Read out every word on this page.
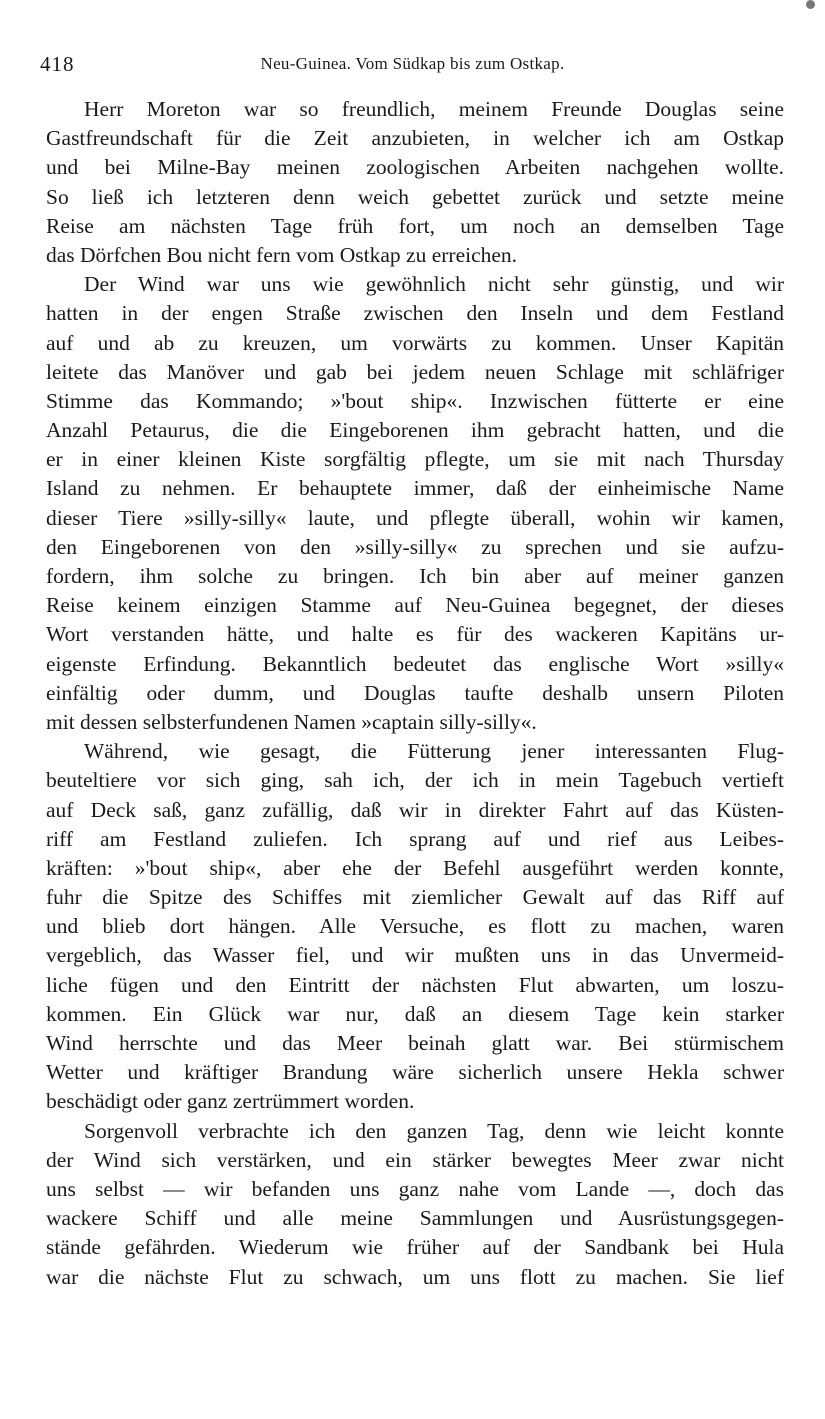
418	Neu-Guinea. Vom Südkap bis zum Ostkap.
Herr Moreton war so freundlich, meinem Freunde Douglas seine
Gastfreundschaft für die Zeit anzubieten, in welcher ich am Ostkap
und bei Milne-Bay meinen zoologischen Arbeiten nachgehen wollte.
So ließ ich letzteren denn weich gebettet zurück und setzte meine
Reise am nächsten Tage früh fort, um noch an demselben Tage
das Dörfchen Bou nicht fern vom Ostkap zu erreichen.
Der Wind war uns wie gewöhnlich nicht sehr günstig, und wir
hatten in der engen Straße zwischen den Inseln und dem Festland
auf und ab zu kreuzen, um vorwärts zu kommen. Unser Kapitän
leitete das Manöver und gab bei jedem neuen Schlage mit schläfriger
Stimme das Kommando; »'bout ship«. Inzwischen fütterte er eine
Anzahl Petaurus, die die Eingeborenen ihm gebracht hatten, und die
er in einer kleinen Kiste sorgfältig pflegte, um sie mit nach Thursday
Island zu nehmen. Er behauptete immer, daß der einheimische Name
dieser Tiere »silly-silly« laute, und pflegte überall, wohin wir kamen,
den Eingeborenen von den »silly-silly« zu sprechen und sie aufzu-
fordern, ihm solche zu bringen. Ich bin aber auf meiner ganzen
Reise keinem einzigen Stamme auf Neu-Guinea begegnet, der dieses
Wort verstanden hätte, und halte es für des wackeren Kapitäns ur-
eigenste Erfindung. Bekanntlich bedeutet das englische Wort »silly«
einfältig oder dumm, und Douglas taufte deshalb unsern Piloten
mit dessen selbsterfundenen Namen »captain silly-silly«.
Während, wie gesagt, die Fütterung jener interessanten Flug-
beuteltiere vor sich ging, sah ich, der ich in mein Tagebuch vertieft
auf Deck saß, ganz zufällig, daß wir in direkter Fahrt auf das Küsten-
riff am Festland zuliefen. Ich sprang auf und rief aus Leibes-
kräften: »'bout ship«, aber ehe der Befehl ausgeführt werden konnte,
fuhr die Spitze des Schiffes mit ziemlicher Gewalt auf das Riff auf
und blieb dort hängen. Alle Versuche, es flott zu machen, waren
vergeblich, das Wasser fiel, und wir mußten uns in das Unvermeid-
liche fügen und den Eintritt der nächsten Flut abwarten, um loszu-
kommen. Ein Glück war nur, daß an diesem Tage kein starker
Wind herrschte und das Meer beinah glatt war. Bei stürmischem
Wetter und kräftiger Brandung wäre sicherlich unsere Hekla schwer
beschädigt oder ganz zertrümmert worden.
Sorgenvoll verbrachte ich den ganzen Tag, denn wie leicht konnte
der Wind sich verstärken, und ein stärker bewegtes Meer zwar nicht
uns selbst — wir befanden uns ganz nahe vom Lande —, doch das
wackere Schiff und alle meine Sammlungen und Ausrüstungsgegen-
stände gefährden. Wiederum wie früher auf der Sandbank bei Hula
war die nächste Flut zu schwach, um uns flott zu machen. Sie lief
